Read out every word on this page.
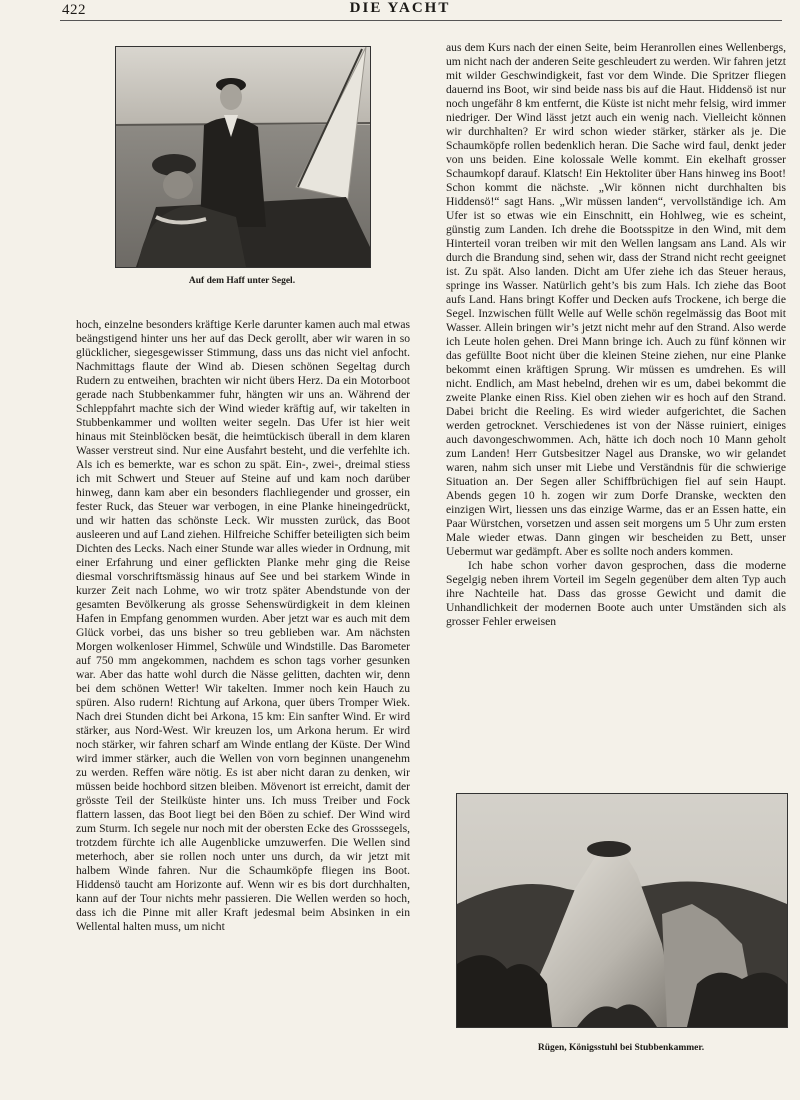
422	DIE YACHT
Auf dem Haff unter Segel.

hoch, einzelne besonders kräftige Kerle darunter kamen auch mal etwas beängstigend hinter uns her auf das Deck gerollt, aber wir waren in so glücklicher, siegesgewisser Stimmung, dass uns das nicht viel anfocht. Nachmittags flaute der Wind ab. Diesen schönen Segeltag durch Rudern zu entweihen, brachten wir nicht übers Herz. Da ein Motorboot gerade nach Stubbenkammer fuhr, hängten wir uns an. Während der Schleppfahrt machte sich der Wind wieder kräftig auf, wir takelten in Stubbenkammer und wollten weiter segeln. Das Ufer ist hier weit hinaus mit Steinblöcken besät, die heimtückisch überall in dem klaren Wasser verstreut sind. Nur eine Ausfahrt besteht, und die verfehlte ich. Als ich es bemerkte, war es schon zu spät. Ein-, zwei-, dreimal stiess ich mit Schwert und Steuer auf Steine auf und kam noch darüber hinweg, dann kam aber ein besonders flachliegender und grosser, ein fester Ruck, das Steuer war verbogen, in eine Planke hineingedrückt, und wir hatten das schönste Leck. Wir mussten zurück, das Boot ausleeren und auf Land ziehen. Hilfreiche Schiffer beteiligten sich beim Dichten des Lecks. Nach einer Stunde war alles wieder in Ordnung, mit einer Erfahrung und einer geflickten Planke mehr ging die Reise diesmal vorschriftsmässig hinaus auf See und bei starkem Winde in kurzer Zeit nach Lohme, wo wir trotz später Abendstunde von der gesamten Bevölkerung als grosse Sehenswürdigkeit in dem kleinen Hafen in Empfang genommen wurden. Aber jetzt war es auch mit dem Glück vorbei, das uns bisher so treu geblieben war. Am nächsten Morgen wolkenloser Himmel, Schwüle und Windstille. Das Barometer auf 750 mm angekommen, nachdem es schon tags vorher gesunken war. Aber das hatte wohl durch die Nässe gelitten, dachten wir, denn bei dem schönen Wetter! Wir takelten. Immer noch kein Hauch zu spüren. Also rudern! Richtung auf Arkona, quer übers Tromper Wiek. Nach drei Stunden dicht bei Arkona, 15 km: Ein sanfter Wind. Er wird stärker, aus Nord-West. Wir kreuzen los, um Arkona herum. Er wird noch stärker, wir fahren scharf am Winde entlang der Küste. Der Wind wird immer stärker, auch die Wellen von vorn beginnen unangenehm zu werden. Reffen wäre nötig. Es ist aber nicht daran zu denken, wir müssen beide hochbord sitzen bleiben. Mövenort ist erreicht, damit der grösste Teil der Steilküste hinter uns. Ich muss Treiber und Fock flattern lassen, das Boot liegt bei den Böen zu schief. Der Wind wird zum Sturm. Ich segele nur noch mit der obersten Ecke des Grosssegels, trotzdem fürchte ich alle Augenblicke umzuwerfen. Die Wellen sind meterhoch, aber sie rollen noch unter uns durch, da wir jetzt mit halbem Winde fahren. Nur die Schaumköpfe fliegen ins Boot. Hiddensö taucht am Horizonte auf. Wenn wir es bis dort durchhalten, kann auf der Tour nichts mehr passieren. Die Wellen werden so hoch, dass ich die Pinne mit aller Kraft jedesmal beim Absinken in ein Wellental halten muss, um nicht

aus dem Kurs nach der einen Seite, beim Heranrollen eines Wellenbergs, um nicht nach der anderen Seite geschleudert zu werden. Wir fahren jetzt mit wilder Geschwindigkeit, fast vor dem Winde. Die Spritzer fliegen dauernd ins Boot, wir sind beide nass bis auf die Haut. Hiddensö ist nur noch ungefähr 8 km entfernt, die Küste ist nicht mehr felsig, wird immer niedriger. Der Wind lässt jetzt auch ein wenig nach. Vielleicht können wir durchhalten? Er wird schon wieder stärker, stärker als je. Die Schaumköpfe rollen bedenklich heran. Die Sache wird faul, denkt jeder von uns beiden. Eine kolossale Welle kommt. Ein ekelhaft grosser Schaumkopf darauf. Klatsch! Ein Hektoliter über Hans hinweg ins Boot! Schon kommt die nächste. „Wir können nicht durchhalten bis Hiddensö!“ sagt Hans. „Wir müssen landen“, vervollständige ich. Am Ufer ist so etwas wie ein Einschnitt, ein Hohlweg, wie es scheint, günstig zum Landen. Ich drehe die Bootsspitze in den Wind, mit dem Hinterteil voran treiben wir mit den Wellen langsam ans Land. Als wir durch die Brandung sind, sehen wir, dass der Strand nicht recht geeignet ist. Zu spät. Also landen. Dicht am Ufer ziehe ich das Steuer heraus, springe ins Wasser. Natürlich geht’s bis zum Hals. Ich ziehe das Boot aufs Land. Hans bringt Koffer und Decken aufs Trockene, ich berge die Segel. Inzwischen füllt Welle auf Welle schön regelmässig das Boot mit Wasser. Allein bringen wir’s jetzt nicht mehr auf den Strand. Also werde ich Leute holen gehen. Drei Mann bringe ich. Auch zu fünf können wir das gefüllte Boot nicht über die kleinen Steine ziehen, nur eine Planke bekommt einen kräftigen Sprung. Wir müssen es umdrehen. Es will nicht. Endlich, am Mast hebelnd, drehen wir es um, dabei bekommt die zweite Planke einen Riss. Kiel oben ziehen wir es hoch auf den Strand. Dabei bricht die Reeling. Es wird wieder aufgerichtet, die Sachen werden getrocknet. Verschiedenes ist von der Nässe ruiniert, einiges auch davongeschwommen. Ach, hätte ich doch noch 10 Mann geholt zum Landen! Herr Gutsbesitzer Nagel aus Dranske, wo wir gelandet waren, nahm sich unser mit Liebe und Verständnis für die schwierige Situation an. Der Segen aller Schiffbrüchigen fiel auf sein Haupt. Abends gegen 10 h. zogen wir zum Dorfe Dranske, weckten den einzigen Wirt, liessen uns das einzige Warme, das er an Essen hatte, ein Paar Würstchen, vorsetzen und assen seit morgens um 5 Uhr zum ersten Male wieder etwas. Dann gingen wir bescheiden zu Bett, unser Uebermut war gedämpft. Aber es sollte noch anders kommen.

Ich habe schon vorher davon gesprochen, dass die moderne Segelgig neben ihrem Vorteil im Segeln gegenüber dem alten Typ auch ihre Nachteile hat. Dass das grosse Gewicht und damit die Unhandlichkeit der modernen Boote auch unter Umständen sich als grosser Fehler erweisen

Rügen, Königsstuhl bei Stubbenkammer.
